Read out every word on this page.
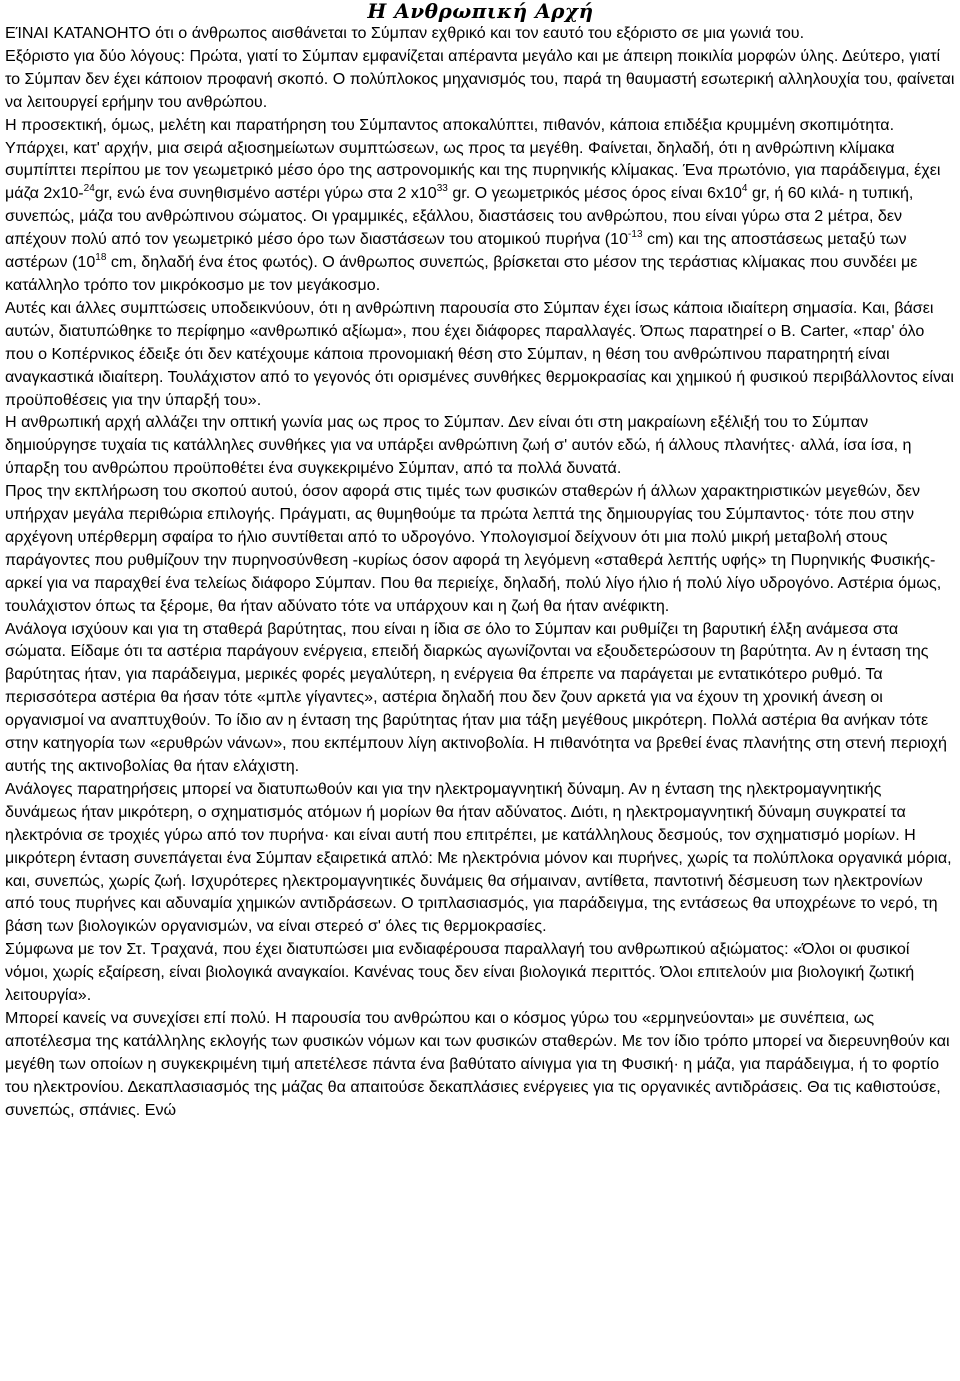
Η Ανθρωπική Αρχή

ΕΊΝΑΙ ΚΑΤΑΝΟΗΤΟ ότι ο άνθρωπος αισθάνεται το Σύμπαν εχθρικό και τον εαυτό του εξόριστο σε μια γωνιά του.

Εξόριστο για δύο λόγους: Πρώτα, γιατί το Σύμπαν εμφανίζεται απέραντα μεγάλο και με άπειρη ποικιλία μορφών ύλης. Δεύτερο, γιατί το Σύμπαν δεν έχει κάποιον προφανή σκοπό. Ο πολύπλοκος μηχανισμός του, παρά τη θαυμαστή εσωτερική αλληλουχία του, φαίνεται να λειτουργεί ερήμην του ανθρώπου.

Η προσεκτική, όμως, μελέτη και παρατήρηση του Σύμπαντος αποκαλύπτει, πιθανόν, κάποια επιδέξια κρυμμένη σκοπιμότητα. Υπάρχει, κατ' αρχήν, μια σειρά αξιοσημείωτων συμπτώσεων, ως προς τα μεγέθη. Φαίνεται, δηλαδή, ότι η ανθρώπινη κλίμακα συμπίπτει περίπου με τον γεωμετρικό μέσο όρο της αστρονομικής και της πυρηνικής κλίμακας. Ένα πρωτόνιο, για παράδειγμα, έχει μάζα 2x10-$^{24}$gr, ενώ ένα συνηθισμένο αστέρι γύρω στα 2 $x10^{33}$ gr. Ο γεωμετρικός μέσος όρος είναι $6x10^4$ gr, ή 60 κιλά- η τυπική, συνεπώς, μάζα του ανθρώπινου σώματος. Οι γραμμικές, εξάλλου, διαστάσεις του ανθρώπου, που είναι γύρω στα 2 μέτρα, δεν απέχουν πολύ από τον γεωμετρικό μέσο όρο των διαστάσεων του ατομικού πυρήνα ($10^{-13}$ cm) και της αποστάσεως μεταξύ των αστέρων ($10^{18}$ cm, δηλαδή ένα έτος φωτός). Ο άνθρωπος συνεπώς, βρίσκεται στο μέσον της τεράστιας κλίμακας που συνδέει με κατάλληλο τρόπο τον μικρόκοσμο με τον μεγάκοσμο.

Αυτές και άλλες συμπτώσεις υποδεικνύουν, ότι η ανθρώπινη παρουσία στο Σύμπαν έχει ίσως κάποια ιδιαίτερη σημασία. Και, βάσει αυτών, διατυπώθηκε το περίφημο «ανθρωπικό αξίωμα», που έχει διάφορες παραλλαγές. Όπως παρατηρεί ο Β. Carter, «παρ' όλο που ο Κοπέρνικος έδειξε ότι δεν κατέχουμε κάποια προνομιακή θέση στο Σύμπαν, η θέση του ανθρώπινου παρατηρητή είναι αναγκαστικά ιδιαίτερη. Τουλάχιστον από το γεγονός ότι ορισμένες συνθήκες θερμοκρασίας και χημικού ή φυσικού περιβάλλοντος είναι προϋποθέσεις για την ύπαρξή του».

Η ανθρωπική αρχή αλλάζει την οπτική γωνία μας ως προς το Σύμπαν. Δεν είναι ότι στη μακραίωνη εξέλιξή του το Σύμπαν δημιούργησε τυχαία τις κατάλληλες συνθήκες για να υπάρξει ανθρώπινη ζωή σ' αυτόν εδώ, ή άλλους πλανήτες· αλλά, ίσα ίσα, η ύπαρξη του ανθρώπου προϋποθέτει ένα συγκεκριμένο Σύμπαν, από τα πολλά δυνατά.

Προς την εκπλήρωση του σκοπού αυτού, όσον αφορά στις τιμές των φυσικών σταθερών ή άλλων χαρακτηριστικών μεγεθών, δεν υπήρχαν μεγάλα περιθώρια επιλογής. Πράγματι, ας θυμηθούμε τα πρώτα λεπτά της δημιουργίας του Σύμπαντος· τότε που στην αρχέγονη υπέρθερμη σφαίρα το ήλιο συντίθεται από το υδρογόνο. Υπολογισμοί δείχνουν ότι μια πολύ μικρή μεταβολή στους παράγοντες που ρυθμίζουν την πυρηνοσύνθεση -κυρίως όσον αφορά τη λεγόμενη «σταθερά λεπτής υφής» τη Πυρηνικής Φυσικής- αρκεί για να παραχθεί ένα τελείως διάφορο Σύμπαν. Που θα περιείχε, δηλαδή, πολύ λίγο ήλιο ή πολύ λίγο υδρογόνο. Αστέρια όμως, τουλάχιστον όπως τα ξέρομε, θα ήταν αδύνατο τότε να υπάρχουν και η ζωή θα ήταν ανέφικτη.

Ανάλογα ισχύουν και για τη σταθερά βαρύτητας, που είναι η ίδια σε όλο το Σύμπαν και ρυθμίζει τη βαρυτική έλξη ανάμεσα στα σώματα. Είδαμε ότι τα αστέρια παράγουν ενέργεια, επειδή διαρκώς αγωνίζονται να εξουδετερώσουν τη βαρύτητα. Αν η ένταση της βαρύτητας ήταν, για παράδειγμα, μερικές φορές μεγαλύτερη, η ενέργεια θα έπρεπε να παράγεται με εντατικότερο ρυθμό. Τα περισσότερα αστέρια θα ήσαν τότε «μπλε γίγαντες», αστέρια δηλαδή που δεν ζουν αρκετά για να έχουν τη χρονική άνεση οι οργανισμοί να αναπτυχθούν. Το ίδιο αν η ένταση της βαρύτητας ήταν μια τάξη μεγέθους μικρότερη. Πολλά αστέρια θα ανήκαν τότε στην κατηγορία των «ερυθρών νάνων», που εκπέμπουν λίγη ακτινοβολία. Η πιθανότητα να βρεθεί ένας πλανήτης στη στενή περιοχή αυτής της ακτινοβολίας θα ήταν ελάχιστη.

Ανάλογες παρατηρήσεις μπορεί να διατυπωθούν και για την ηλεκτρομαγνητική δύναμη. Αν η ένταση της ηλεκτρομαγνητικής δυνάμεως ήταν μικρότερη, ο σχηματισμός ατόμων ή μορίων θα ήταν αδύνατος. Διότι, η ηλεκτρομαγνητική δύναμη συγκρατεί τα ηλεκτρόνια σε τροχιές γύρω από τον πυρήνα· και είναι αυτή που επιτρέπει, με κατάλληλους δεσμούς, τον σχηματισμό μορίων. Η μικρότερη ένταση συνεπάγεται ένα Σύμπαν εξαιρετικά απλό: Με ηλεκτρόνια μόνον και πυρήνες, χωρίς τα πολύπλοκα οργανικά μόρια, και, συνεπώς, χωρίς ζωή. Ισχυρότερες ηλεκτρομαγνητικές δυνάμεις θα σήμαιναν, αντίθετα, παντοτινή δέσμευση των ηλεκτρονίων από τους πυρήνες και αδυναμία χημικών αντιδράσεων. Ο τριπλασιασμός, για παράδειγμα, της εντάσεως θα υποχρέωνε το νερό, τη βάση των βιολογικών οργανισμών, να είναι στερεό σ' όλες τις θερμοκρασίες.

Σύμφωνα με τον Στ. Τραχανά, που έχει διατυπώσει μια ενδιαφέρουσα παραλλαγή του ανθρωπικού αξιώματος: «Όλοι οι φυσικοί νόμοι, χωρίς εξαίρεση, είναι βιολογικά αναγκαίοι. Κανένας τους δεν είναι βιολογικά περιττός. Όλοι επιτελούν μια βιολογική ζωτική λειτουργία».

Μπορεί κανείς να συνεχίσει επί πολύ. Η παρουσία του ανθρώπου και ο κόσμος γύρω του «ερμηνεύονται» με συνέπεια, ως αποτέλεσμα της κατάλληλης εκλογής των φυσικών νόμων και των φυσικών σταθερών. Με τον ίδιο τρόπο μπορεί να διερευνηθούν και μεγέθη των οποίων η συγκεκριμένη τιμή απετέλεσε πάντα ένα βαθύτατο αίνιγμα για τη Φυσική· η μάζα, για παράδειγμα, ή το φορτίο του ηλεκτρονίου. Δεκαπλασιασμός της μάζας θα απαιτούσε δεκαπλάσιες ενέργειες για τις οργανικές αντιδράσεις. Θα τις καθιστούσε, συνεπώς, σπάνιες. Ενώ
